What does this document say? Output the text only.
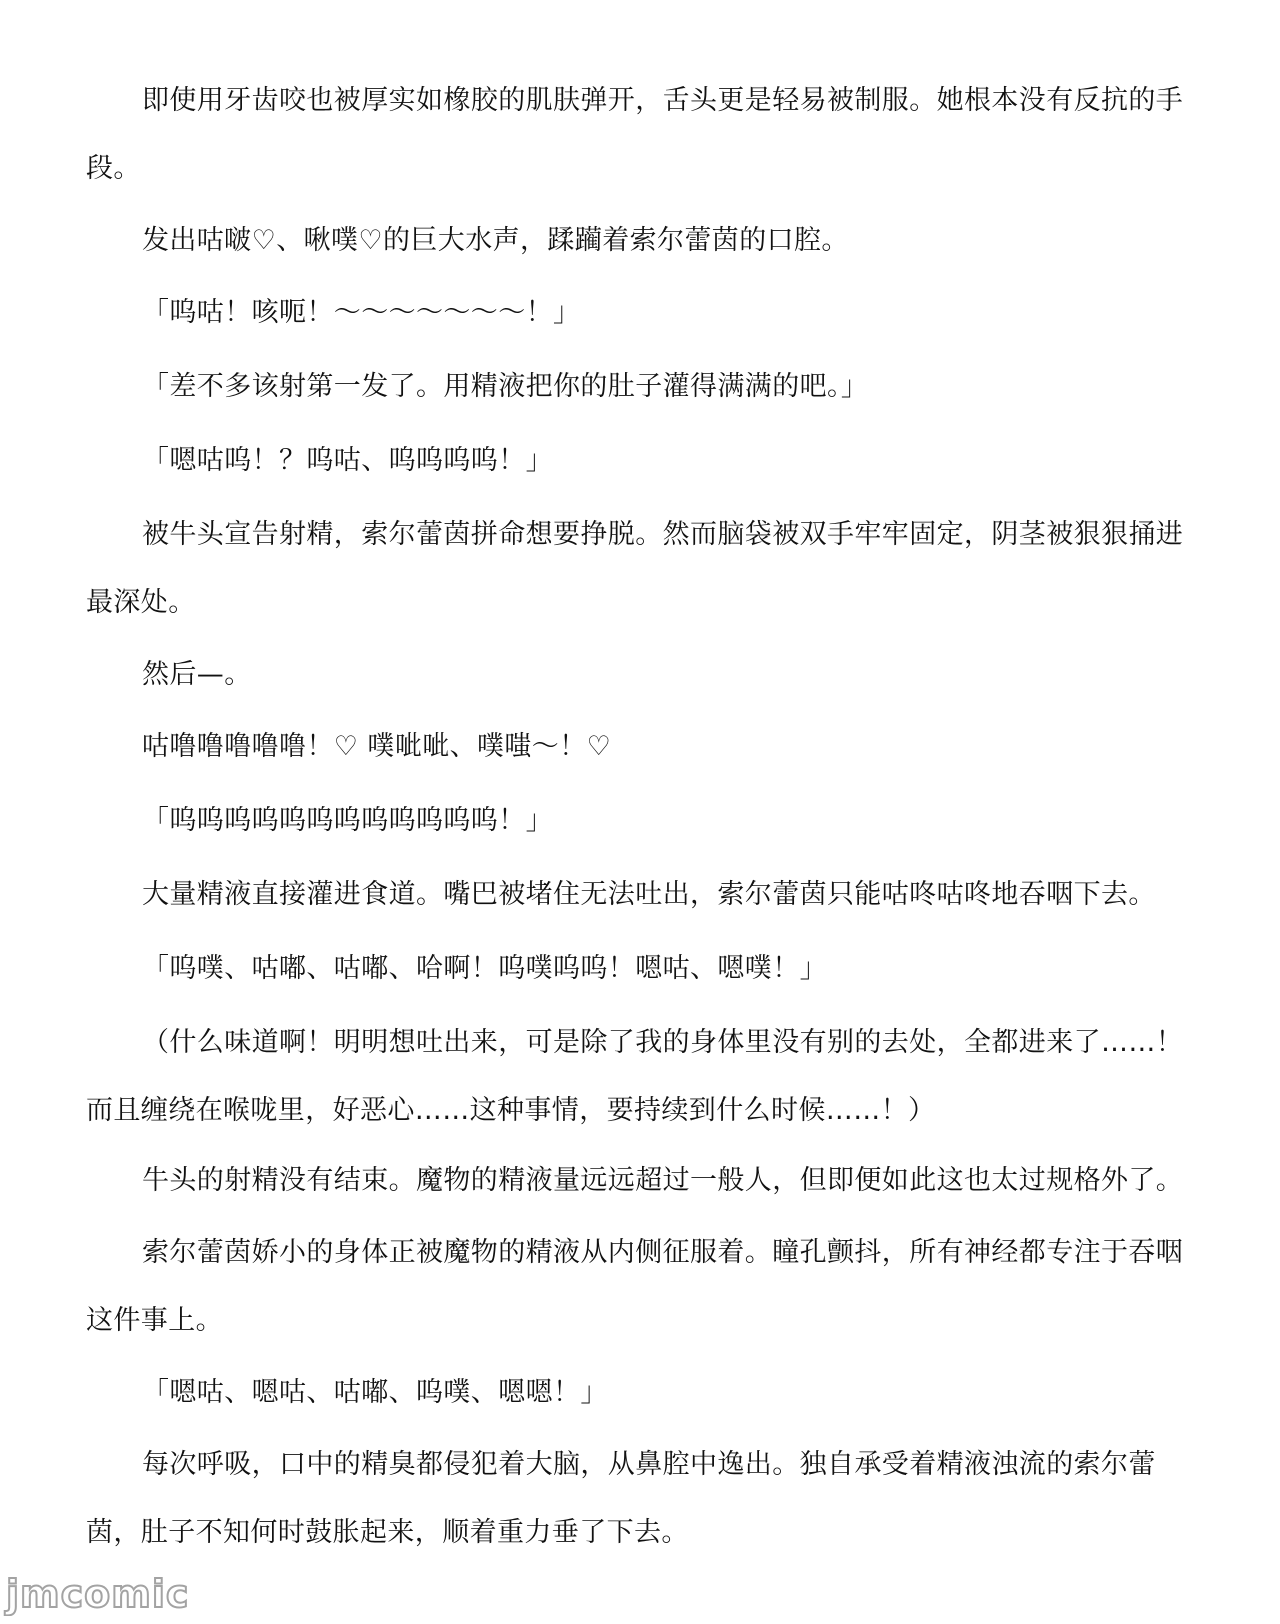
即使用牙齿咬也被厚实如橡胶的肌肤弹开，舌头更是轻易被制服。她根本没有反抗的手段。

发出咕啵♡、啾噗♡的巨大水声，蹂躏着索尔蕾茵的口腔。

「呜咕！咳呃！～～～～～～～！」

「差不多该射第一发了。用精液把你的肚子灌得满满的吧。」

「嗯咕呜！？呜咕、呜呜呜呜！」

被牛头宣告射精，索尔蕾茵拼命想要挣脱。然而脑袋被双手牢牢固定，阴茎被狠狠捅进最深处。

然后—。

咕噜噜噜噜噜！♡ 噗呲呲、噗嗤～！♡

「呜呜呜呜呜呜呜呜呜呜呜呜！」

大量精液直接灌进食道。嘴巴被堵住无法吐出，索尔蕾茵只能咕咚咕咚地吞咽下去。

「呜噗、咕嘟、咕嘟、哈啊！呜噗呜呜！嗯咕、嗯噗！」

（什么味道啊！明明想吐出来，可是除了我的身体里没有别的去处，全都进来了……！而且缠绕在喉咙里，好恶心……这种事情，要持续到什么时候……！）

牛头的射精没有结束。魔物的精液量远远超过一般人，但即便如此这也太过规格外了。

索尔蕾茵娇小的身体正被魔物的精液从内侧征服着。瞳孔颤抖，所有神经都专注于吞咽这件事上。

「嗯咕、嗯咕、咕嘟、呜噗、嗯嗯！」

每次呼吸，口中的精臭都侵犯着大脑，从鼻腔中逸出。独自承受着精液浊流的索尔蕾茵，肚子不知何时鼓胀起来，顺着重力垂了下去。

jmcomic
